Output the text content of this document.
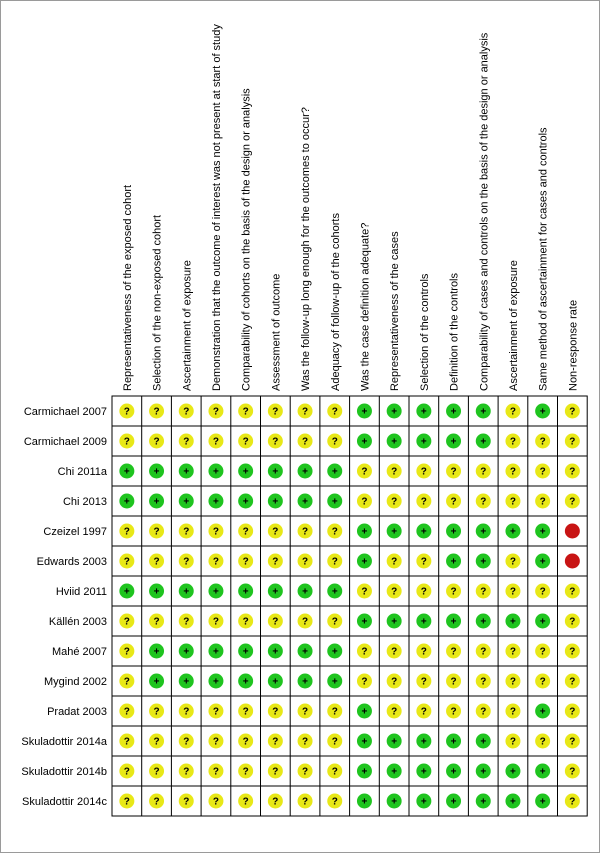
Representativeness of the exposed cohort Selection of the non-exposed cohort Ascertainment of exposure Demonstration that the outcome of interest was not present at start of study Comparability of cohorts on the basis of the design or analysis Assessment of outcome Was the follow-up long enough for the outcomes to occur? Adequacy of follow-up of the cohorts Was the case definition adequate? Representativeness of the cases Selection of the controls Definition of the controls Comparability of cases and controls on the basis of the design or analysis Ascertainment of exposure Same method of ascertainment for cases and controls Non-response rate
Carmichael 2007 ? ? ? ? ? ? ? ? + + + + + ? + ?
Carmichael 2009 ? ? ? ? ? ? ? ? + + + + + ? ? ?
Chi 2011a + + + + + + + + ? ? ? ? ? ? ? ?
Chi 2013 + + + + + + + + ? ? ? ? ? ? ? ?
Czeizel 1997 ? ? ? ? ? ? ? ? + + + + + + +
Edwards 2003 ? ? ? ? ? ? ? ? + ? ? + + ? +
Hviid 2011 + + + + + + + + ? ? ? ? ? ? ? ?
Källén 2003 ? ? ? ? ? ? ? ? + + + + + + + ?
Mahé 2007 ? + + + + + + + ? ? ? ? ? ? ? ?
Mygind 2002 ? + + + + + + + ? ? ? ? ? ? ? ?
Pradat 2003 ? ? ? ? ? ? ? ? + ? ? ? ? ? + ?
Skuladottir 2014a ? ? ? ? ? ? ? ? + + + + + ? ? ?
Skuladottir 2014b ? ? ? ? ? ? ? ? + + + + + + + ?
Skuladottir 2014c ? ? ? ? ? ? ? ? + + + + + + + ?
